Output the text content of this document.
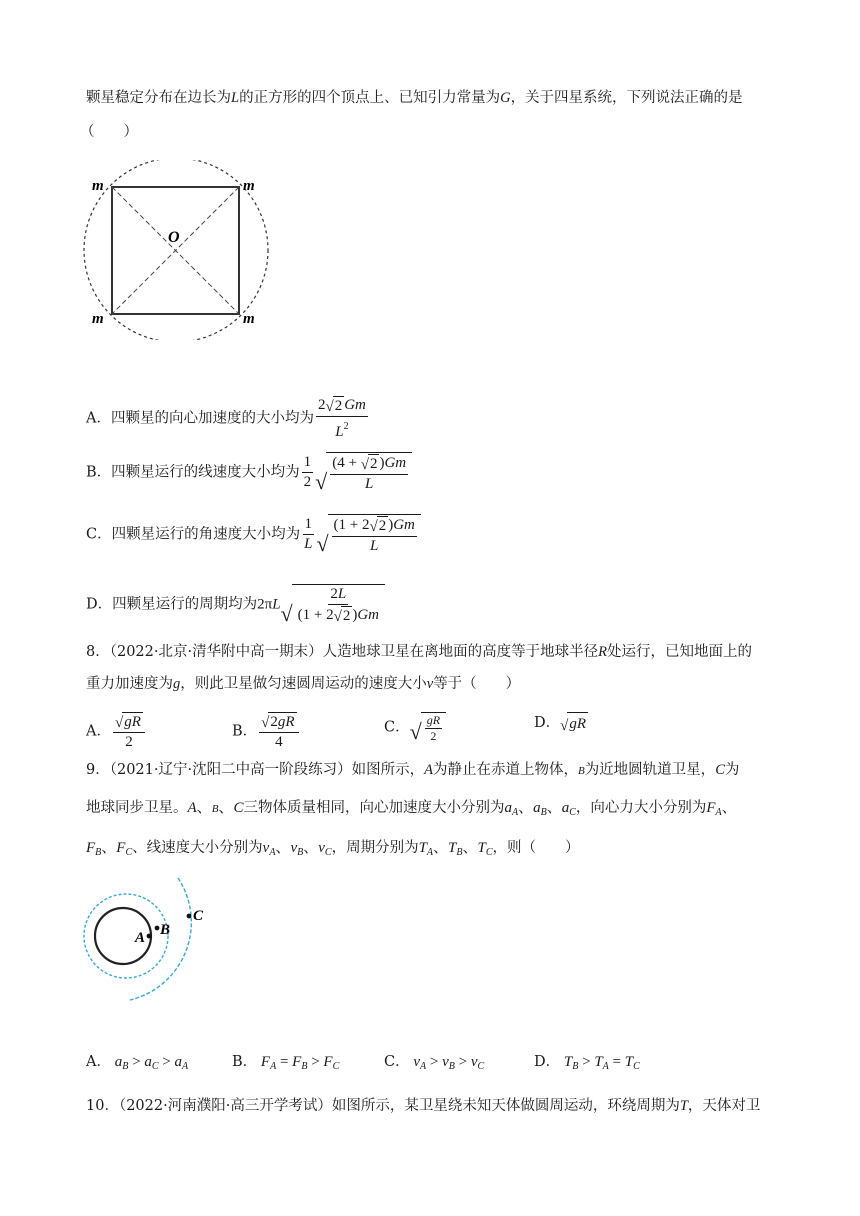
颗星稳定分布在边长为L的正方形的四个顶点上、已知引力常量为G，关于四星系统，下列说法正确的是
（　　）
m	m
m	m
O
A．四颗星的向心加速度的大小均为 $\frac{2 √ 2 Gm}{L^2}$
B．四颗星运行的线速度大小均为 $\frac{1}{2}$ √ $\frac{(4 + √ 2 )Gm}{L}$
C．四颗星运行的角速度大小均为 $\frac{1}{L}$ √ $\frac{(1 + 2 √ 2 )Gm}{L}$
D．四颗星运行的周期均为2πL √ $\frac{2L}{(1 + 2 √ 2 )Gm}$
8．（2022·北京·清华附中高一期末）人造地球卫星在离地面的高度等于地球半径R处运行，已知地面上的
重力加速度为g，则此卫星做匀速圆周运动的速度大小v等于（　　）
A． $\frac{√ gR}{2}$	B． $\frac{√ 2 gR}{4}$	C． √ $\frac{gR}{2}$	D． √ gR
9．（2021·辽宁·沈阳二中高一阶段练习）如图所示，A为静止在赤道上物体，B为近地圆轨道卫星，C为
地球同步卫星。A、B、C三物体质量相同，向心加速度大小分别为$a_A$、$a_B$、$a_C$，向心力大小分别为$F_A$、
$F_B$、$F_C$、线速度大小分别为$v_A$、$v_B$、$v_C$，周期分别为$T_A$、$T_B$、$T_C$，则（　　）
A B
C
A． $a_B > a_C > a_A$	B． $F_A = F_B > F_C$	C． $v_A > v_B > v_C$	D． $T_B > T_A = T_C$
10．（2022·河南濮阳·高三开学考试）如图所示，某卫星绕未知天体做圆周运动，环绕周期为T，天体对卫
